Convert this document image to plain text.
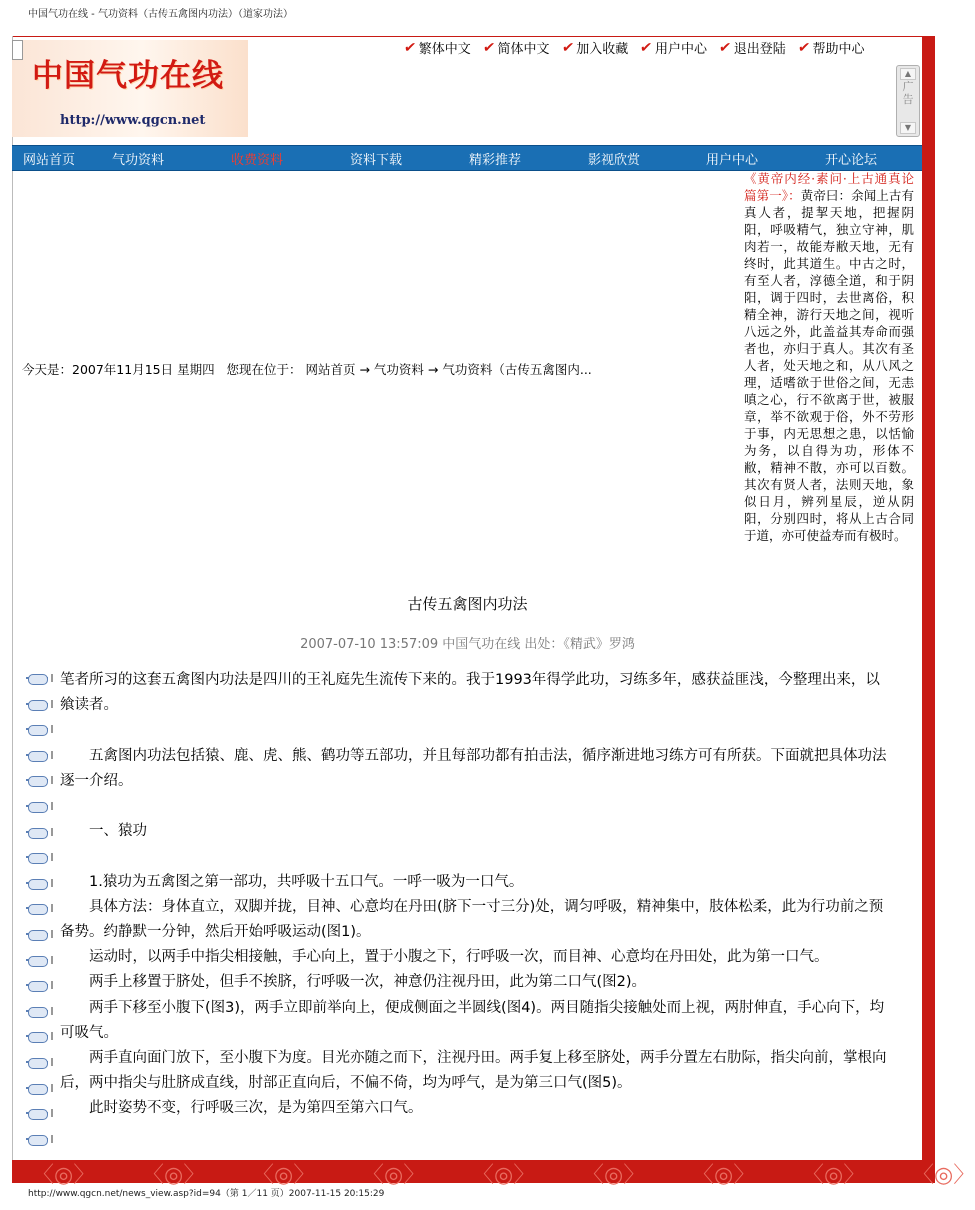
中国气功在线 - 气功资料（古传五禽图内功法）（道家功法）
中国气功在线
http://www.qgcn.net
✔ 繁体中文 ✔ 简体中文 ✔ 加入收藏 ✔ 用户中心 ✔ 退出登陆 ✔ 帮助中心
▲
广告
▼
网站首页	气功资料	收费资料	资料下载	精彩推荐	影视欣赏	用户中心	开心论坛
今天是：2007年11月15日 星期四 您现在位于： 网站首页 → 气功资料 → 气功资料（古传五禽图内...
《黄帝内经·素问·上古通真论篇第一》：黄帝曰：余闻上古有真人者，提挈天地，把握阴阳，呼吸精气，独立守神，肌肉若一，故能寿敝天地，无有终时，此其道生。中古之时，有至人者，淳德全道，和于阴阳，调于四时，去世离俗，积精全神，游行天地之间，视听八远之外，此盖益其寿命而强者也，亦归于真人。其次有圣人者，处天地之和，从八风之理，适嗜欲于世俗之间，无恚嗔之心，行不欲离于世，被服章，举不欲观于俗，外不劳形于事，内无思想之患，以恬愉为务，以自得为功，形体不敝，精神不散，亦可以百数。其次有贤人者，法则天地，象似日月，辨列星辰，逆从阴阳，分别四时，将从上古合同于道，亦可使益寿而有极时。
古传五禽图内功法
2007-07-10 13:57:09 中国气功在线 出处：《精武》罗鸿

笔者所习的这套五禽图内功法是四川的王礼庭先生流传下来的。我于1993年得学此功，习练多年，感获益匪浅，今整理出来，以飨读者。

五禽图内功法包括猿、鹿、虎、熊、鹤功等五部功，并且每部功都有拍击法，循序渐进地习练方可有所获。下面就把具体功法逐一介绍。

一、猿功

1.猿功为五禽图之第一部功，共呼吸十五口气。一呼一吸为一口气。

具体方法：身体直立，双脚并拢，目神、心意均在丹田(脐下一寸三分)处，调匀呼吸，精神集中，肢体松柔，此为行功前之预备势。约静默一分钟，然后开始呼吸运动(图1)。

运动时，以两手中指尖相接触，手心向上，置于小腹之下，行呼吸一次，而目神、心意均在丹田处，此为第一口气。

两手上移置于脐处，但手不挨脐，行呼吸一次，神意仍注视丹田，此为第二口气(图2)。

两手下移至小腹下(图3)，两手立即前举向上，便成侧面之半圆线(图4)。两目随指尖接触处而上视，两肘伸直，手心向下，均可吸气。

两手直向面门放下，至小腹下为度。目光亦随之而下，注视丹田。两手复上移至脐处，两手分置左右肋际，指尖向前，掌根向后，两中指尖与肚脐成直线，肘部正直向后，不偏不倚，均为呼气，是为第三口气(图5)。

此时姿势不变，行呼吸三次，是为第四至第六口气。

〈◎〉 〈◎〉 〈◎〉 〈◎〉 〈◎〉 〈◎〉 〈◎〉 〈◎〉 〈◎〉
http://www.qgcn.net/news_view.asp?id=94（第 1／11 页）2007-11-15 20:15:29
